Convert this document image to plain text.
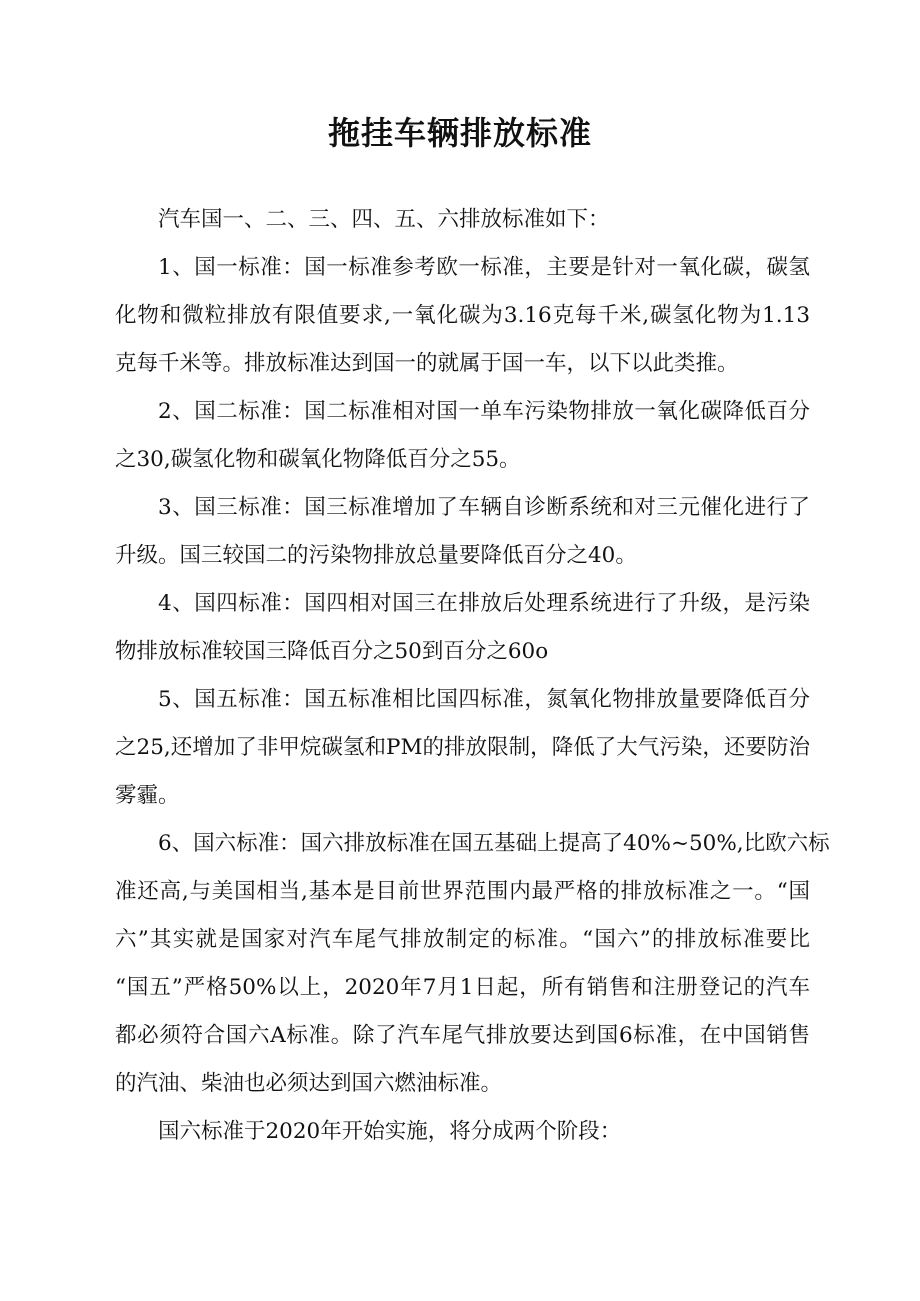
拖挂车辆排放标准
汽车国一、二、三、四、五、六排放标准如下：
1、国一标准：国一标准参考欧一标准，主要是针对一氧化碳，碳氢
化物和微粒排放有限值要求,一氧化碳为3.16克每千米,碳氢化物为1.13
克每千米等。排放标准达到国一的就属于国一车，以下以此类推。
2、国二标准：国二标准相对国一单车污染物排放一氧化碳降低百分
之30,碳氢化物和碳氧化物降低百分之55。
3、国三标准：国三标准增加了车辆自诊断系统和对三元催化进行了
升级。国三较国二的污染物排放总量要降低百分之40。
4、国四标准：国四相对国三在排放后处理系统进行了升级，是污染
物排放标准较国三降低百分之50到百分之60o
5、国五标准：国五标准相比国四标准，氮氧化物排放量要降低百分
之25,还增加了非甲烷碳氢和PM的排放限制，降低了大气污染，还要防治
雾霾。
6、国六标准：国六排放标准在国五基础上提高了40%~50%,比欧六标
准还高,与美国相当,基本是目前世界范围内最严格的排放标准之一。“国
六”其实就是国家对汽车尾气排放制定的标准。“国六”的排放标准要比
“国五”严格50%以上，2020年7月1日起，所有销售和注册登记的汽车
都必须符合国六A标准。除了汽车尾气排放要达到国6标准，在中国销售
的汽油、柴油也必须达到国六燃油标准。
国六标准于2020年开始实施，将分成两个阶段：
